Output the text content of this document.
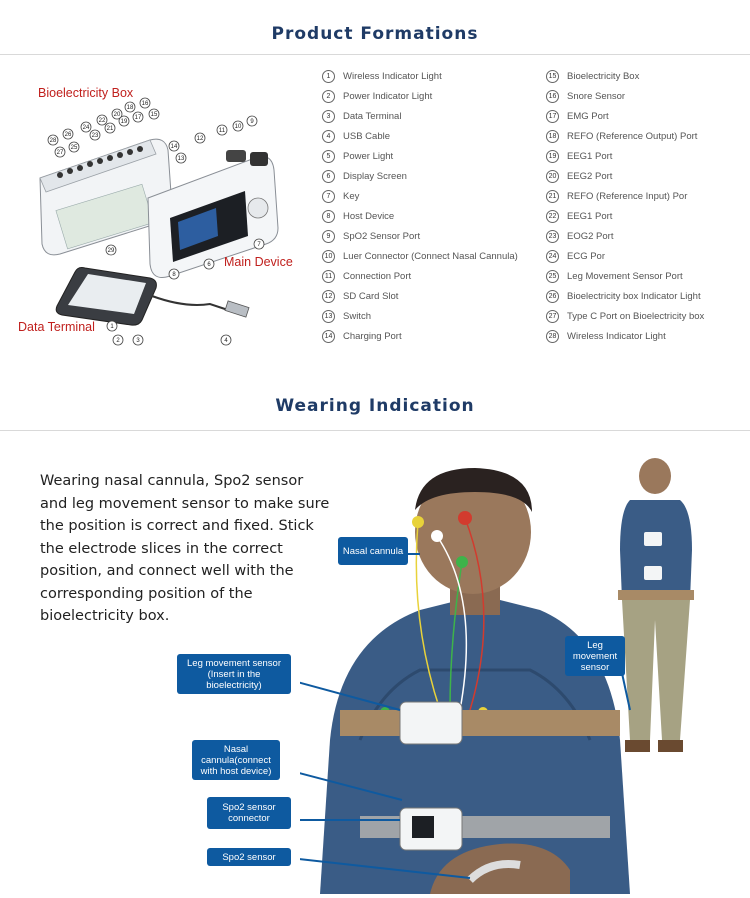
Product Formations
1
2	3	4
6
7
8
9
10
11
12
13
14
15
16
17
18
19
20
21
22
23
24
25
26
27
28
29
Bioelectricity Box
Main Device
Data Terminal
1	Wireless Indicator Light
2	Power Indicator Light
3	Data Terminal
4	USB Cable
5	Power Light
6	Display Screen
7	Key
8	Host Device
9	SpO2 Sensor Port
10 Luer Connector (Connect Nasal Cannula)
11	Connection Port
12 SD Card Slot
13 Switch
14 Charging Port
15 Bioelectricity Box
16 Snore Sensor
17 EMG Port
18 REFO (Reference Output) Port
19 EEG1 Port
20 EEG2 Port
21 REFO (Reference Input) Por
22 EEG1 Port
23 EOG2 Port
24 ECG Por
25 Leg Movement Sensor Port
26 Bioelectricity box Indicator Light
27 Type C Port on Bioelectricity box
28 Wireless Indicator Light
Wearing Indication
Wearing nasal cannula, Spo2 sensor and leg movement sensor to make sure the position is correct and fixed. Stick the electrode slices in the correct position, and connect well with the corresponding position of the bioelectricity box.
Nasal cannula
Leg movement sensor (Insert in the bioelectricity)
Nasal cannula(connect with host device)
Spo2 sensor connector
Spo2 sensor
Leg movement sensor
